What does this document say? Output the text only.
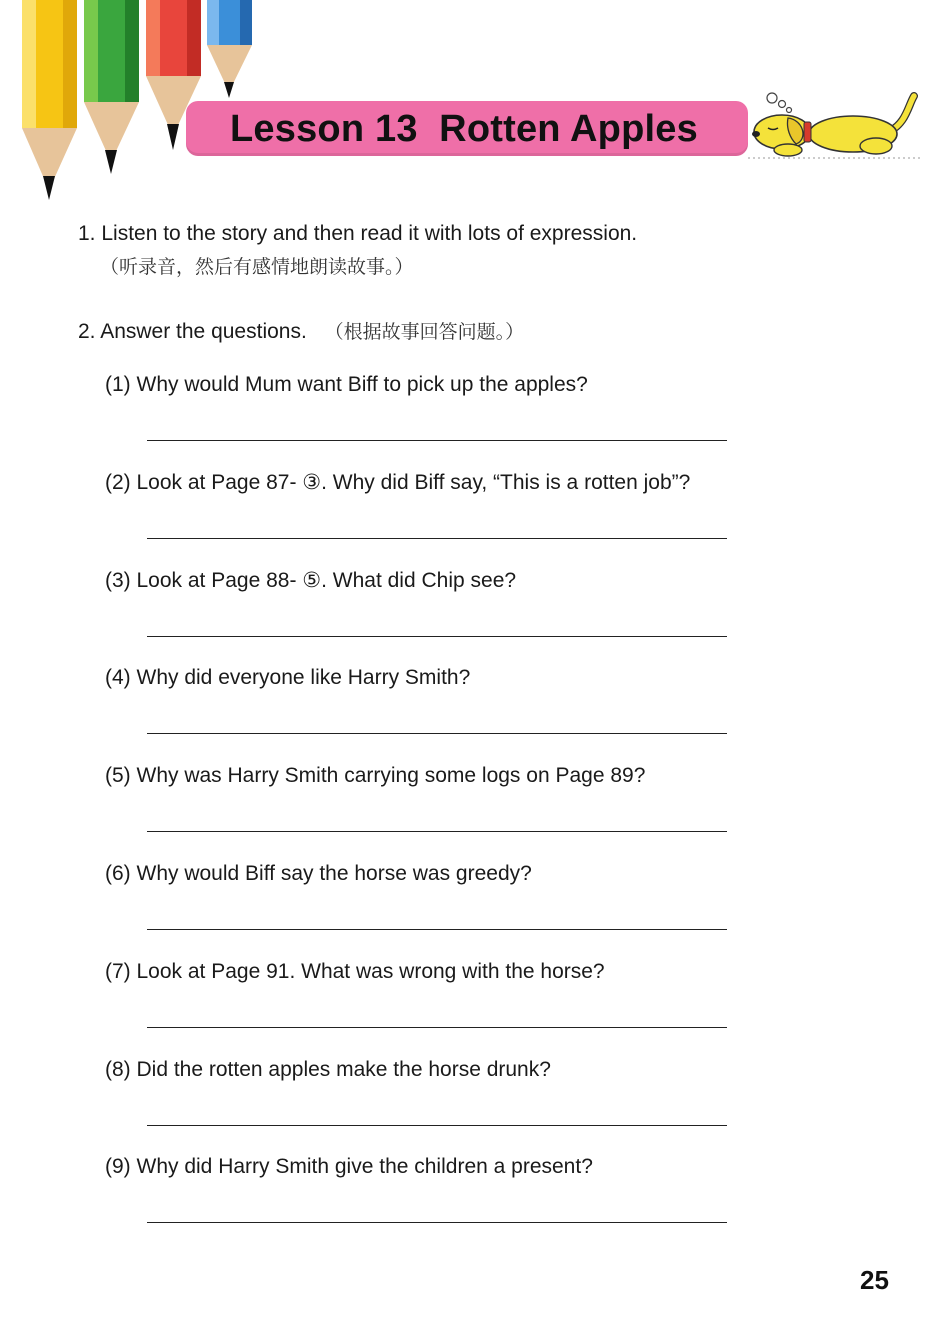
Lesson 13  Rotten Apples
1. Listen to the story and then read it with lots of expression.
（听录音，然后有感情地朗读故事。）
2. Answer the questions. （根据故事回答问题。）
(1) Why would Mum want Biff to pick up the apples?
(2) Look at Page 87- ③. Why did Biff say, “This is a rotten job”?
(3) Look at Page 88- ⑤. What did Chip see?
(4) Why did everyone like Harry Smith?
(5) Why was Harry Smith carrying some logs on Page 89?
(6) Why would Biff say the horse was greedy?
(7) Look at Page 91. What was wrong with the horse?
(8) Did the rotten apples make the horse drunk?
(9) Why did Harry Smith give the children a present?
25
